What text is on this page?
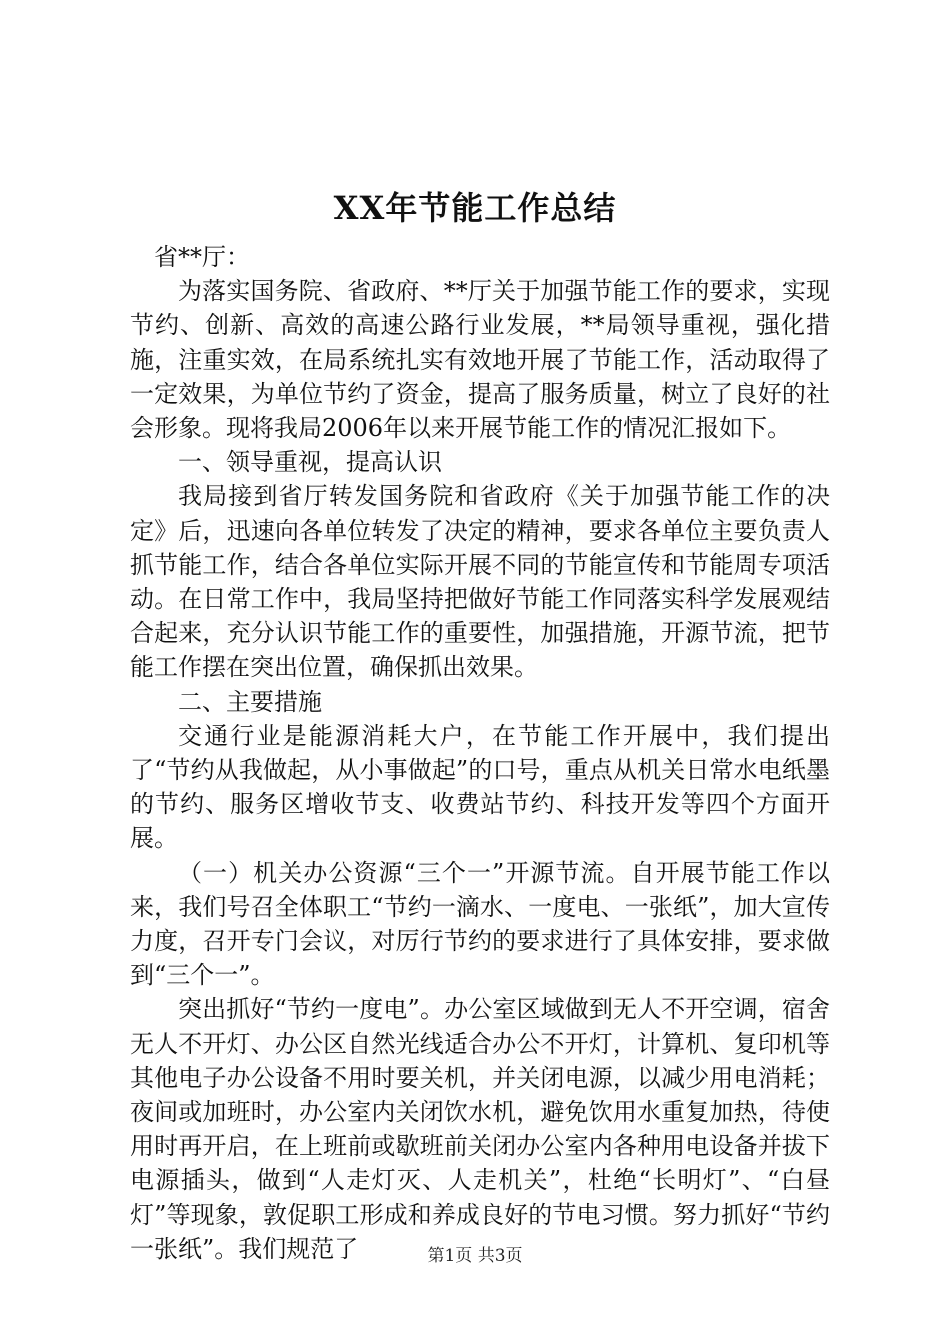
XX年节能工作总结

省**厅：

为落实国务院、省政府、**厅关于加强节能工作的要求，实现节约、创新、高效的高速公路行业发展，**局领导重视，强化措施，注重实效，在局系统扎实有效地开展了节能工作，活动取得了一定效果，为单位节约了资金，提高了服务质量，树立了良好的社会形象。现将我局2006年以来开展节能工作的情况汇报如下。

一、领导重视，提高认识

我局接到省厅转发国务院和省政府《关于加强节能工作的决定》后，迅速向各单位转发了决定的精神，要求各单位主要负责人抓节能工作，结合各单位实际开展不同的节能宣传和节能周专项活动。在日常工作中，我局坚持把做好节能工作同落实科学发展观结合起来，充分认识节能工作的重要性，加强措施，开源节流，把节能工作摆在突出位置，确保抓出效果。

二、主要措施

交通行业是能源消耗大户，在节能工作开展中，我们提出了“节约从我做起，从小事做起”的口号，重点从机关日常水电纸墨的节约、服务区增收节支、收费站节约、科技开发等四个方面开展。

（一）机关办公资源“三个一”开源节流。自开展节能工作以来，我们号召全体职工“节约一滴水、一度电、一张纸”，加大宣传力度，召开专门会议，对厉行节约的要求进行了具体安排，要求做到“三个一”。

突出抓好“节约一度电”。办公室区域做到无人不开空调，宿舍无人不开灯、办公区自然光线适合办公不开灯，计算机、复印机等其他电子办公设备不用时要关机，并关闭电源，以减少用电消耗；夜间或加班时，办公室内关闭饮水机，避免饮用水重复加热，待使用时再开启，在上班前或歇班前关闭办公室内各种用电设备并拔下电源插头，做到“人走灯灭、人走机关”，杜绝“长明灯”、“白昼灯”等现象，敦促职工形成和养成良好的节电习惯。努力抓好“节约一张纸”。我们规范了	第1页 共3页
